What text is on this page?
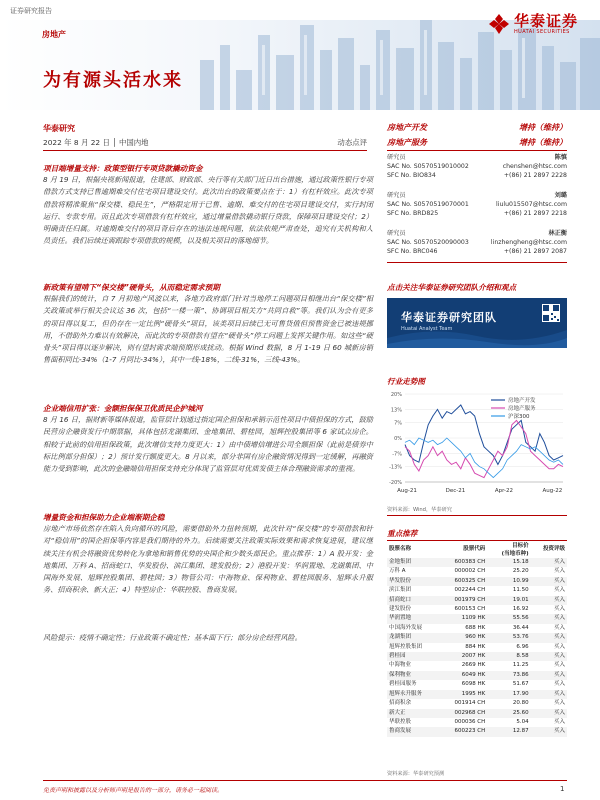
证券研究报告
房地产
华泰证券
HUATAI SECURITIES
为有源头活水来
华泰研究
2022 年 8 月 22 日 │ 中国内地	动态点评
项目端增量支持：政策型银行专项贷款撬动资金
8 月 19 日，根据央视新闻报道，住建部、财政部、央行等有关部门近日出台措施，通过政策性银行专项借款方式支持已售逾期难交付住宅项目建设交付。此次出台的政策要点在于：1）有杠杆效应。此次专项借款将精准聚焦“保交楼、稳民生”，严格限定用于已售、逾期、难交付的住宅项目建设交付，实行封闭运行、专款专用。而且此次专项借款有杠杆效应，通过增量借款撬动银行贷款，保障项目建设交付；2）明确责任归属。对逾期难交付的项目背后存在的违法违规问题，依法依规严肃查处，追究有关机构和人员责任。我们后续还需跟踪专项借款的规模，以及相关项目的落地细节。
新政策有望啃下“保交楼”硬骨头，从而稳定需求预期
根据我们的统计，自 7 月初地产风波以来，各地方政府部门针对当地停工问题项目相继出台“保交楼”相关政策或举行相关会议达 36 次，包括“一楼一策”、协调项目相关方“共同自救”等。我们认为会有更多的项目得以复工，但仍存在一定比例“硬骨头”项目，该类项目后续已无可售货值但预售资金已被违规挪用，不借助外力难以有效解决，而此次的专项借款有望在“硬骨头”停工问题上发挥关键作用。如这些“硬骨头”项目得以逐步解决，则有望封需求端预期形成扰动。根据 Wind 数据，8 月 1-19 日 60 城新房销售面积同比-34%（1-7 月同比-34%），其中一线-18%，二线-31%，三线-43%。
企业端信用扩张：金额担保保卫优质民企护城河
8 月 16 日，据财新等媒体报道，监管层计划通过指定国企担保和承销示范性项目中债担保的方式，鼓励民营房企融资发行中期票据，具体包括龙湖集团、金地集团、碧桂园，旭辉控股集团等 6 家试点房企。相较于此前的信用担保政策，此次增信支持力度更大：1）由中债增信增进公司全额担保（此前是债券中标比例部分担保）；2）预计发行额度更大。8 月以来，部分非国有房企融资情况得到一定缓解，再融资能力受到影响，此次的金融端信用担保支持充分体现了监管层对优质发债主体合理融资需求的重视。
增量资金和担保助力企业端渐期企稳
房地产市场依然存在陷入负向循环的风险，需要借助外力扭转预期，此次针对“保交楼”的专项借款和针对“稳信用”的国企担保等内容是我们期待的外力。后续需要关注政策实际效果和需求恢复进展，建议继续关注有机会将融资优势转化为拿地和销售优势的央国企和少数头部民企。重点推荐：1）A 股开发：金地集团、万科 A、招商蛇口、华发股份、滨江集团、建发股份；2）港股开发：华润置地、龙湖集团、中国海外发展、旭辉控股集团、碧桂园；3）物管公司：中海物业、保利物业、碧桂园服务、旭辉永升服务、招商积余、新大正；4）特型房企：华联控股、鲁商发展。
风险提示：疫情不确定性；行业政策不确定性；基本面下行；部分房企经营风险。
房地产开发	增持（维持）
房地产服务	增持（维持）
研究员	陈慎
SAC No. S0570519010002	chenshen@htsc.com
SFC No. BIO834	+(86) 21 2897 2228
研究员	刘璐
SAC No. S0570519070001	liulu015507@htsc.com
SFC No. BRD825	+(86) 21 2897 2218
研究员	林正衡
SAC No. S0570520090003	linzhengheng@htsc.com
SFC No. BRC046	+(86) 21 2897 2087
点击关注华泰证券研究团队介绍和观点
华泰证券研究团队
Huatai Analyst Team
行业走势图
20%
13%
7%
0%
-7%
-13%
-20%
Aug-21	Dec-21	Apr-22	Aug-22
房地产开发
房地产服务
沪深300
资料来源：Wind，华泰研究
重点推荐
股票名称	股票代码	目标价
(当地币种)	投资评级
金地集团	600383 CH	15.18	买入
万科 A	000002 CH	25.20	买入
华发股份	600325 CH	10.99	买入
滨江集团	002244 CH	11.50	买入
招商蛇口	001979 CH	19.01	买入
建发股份	600153 CH	16.92	买入
华润置地	1109 HK	55.56	买入
中国海外发展	688 HK	36.44	买入
龙湖集团	960 HK	53.76	买入
旭辉控股集团	884 HK	6.96	买入
碧桂园	2007 HK	8.58	买入
中海物业	2669 HK	11.25	买入
保利物业	6049 HK	73.86	买入
碧桂园服务	6098 HK	51.67	买入
旭辉永升服务	1995 HK	17.90	买入
招商积余	001914 CH	20.80	买入
新大正	002968 CH	25.60	买入
华联控股	000036 CH	5.04	买入
鲁商发展	600223 CH	12.87	买入
资料来源：华泰研究预测
免责声明和披露以及分析师声明是报告的一部分，请务必一起阅读。	1
